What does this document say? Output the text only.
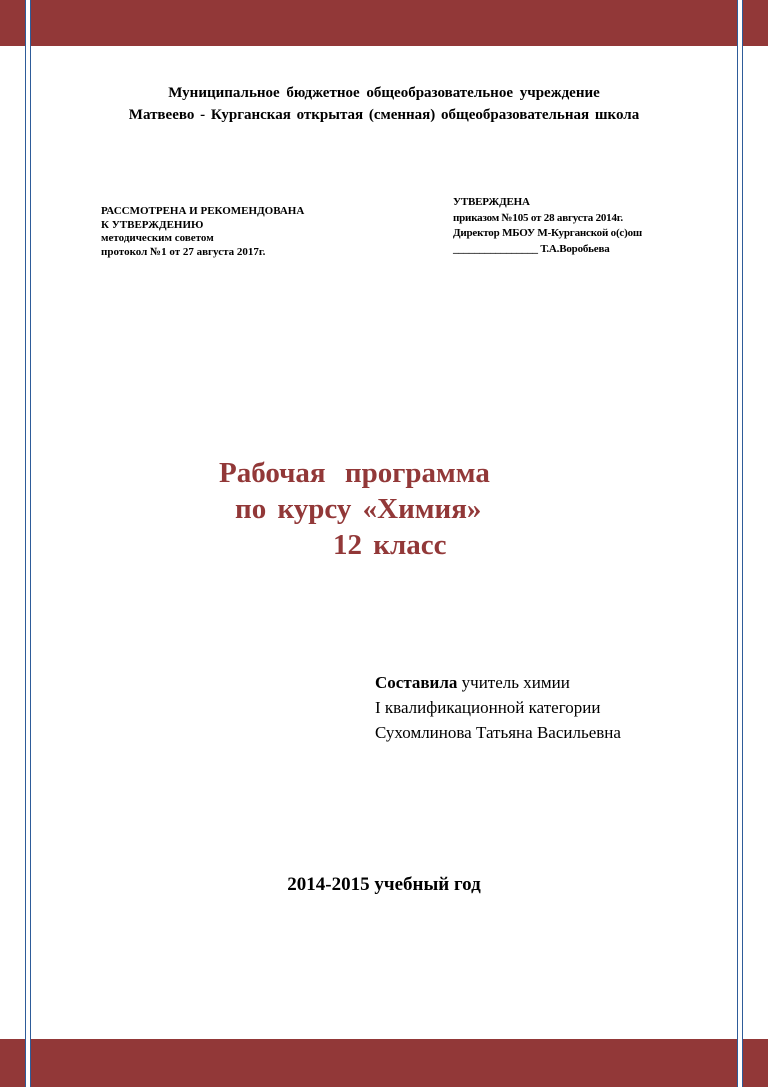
Муниципальное бюджетное общеобразовательное учреждение
Матвеево - Курганская открытая (сменная) общеобразовательная школа
РАССМОТРЕНА И РЕКОМЕНДОВАНА
К УТВЕРЖДЕНИЮ
методическим советом
протокол №1 от 27 августа 2017г.
УТВЕРЖДЕНА
приказом №105 от 28 августа 2014г.
Директор МБОУ М-Курганской о(с)ош
________________ Т.А.Воробьева
Рабочая программа
по курсу «Химия»
12 класс
Составила учитель химии
I квалификационной категории
Сухомлинова Татьяна Васильевна
2014-2015 учебный год
